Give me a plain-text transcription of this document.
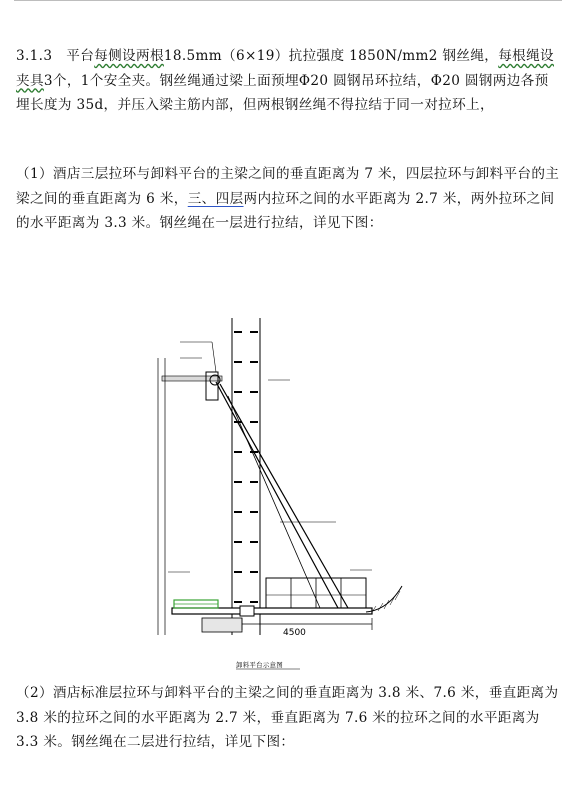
3.1.3　平台每侧设两根18.5mm（6×19）抗拉强度 1850N/mm2 钢丝绳，每根绳设夹具3个，1个安全夹。钢丝绳通过梁上面预埋Φ20 圆钢吊环拉结，Φ20 圆钢两边各预埋长度为 35d，并压入梁主筋内部，但两根钢丝绳不得拉结于同一对拉环上，

（1）酒店三层拉环与卸料平台的主梁之间的垂直距离为 7 米，四层拉环与卸料平台的主梁之间的垂直距离为 6 米，三、四层两内拉环之间的水平距离为 2.7 米，两外拉环之间的水平距离为 3.3 米。钢丝绳在一层进行拉结，详见下图：

4500
卸料平台示意图

（2）酒店标准层拉环与卸料平台的主梁之间的垂直距离为 3.8 米、7.6 米，垂直距离为 3.8 米的拉环之间的水平距离为 2.7 米，垂直距离为 7.6 米的拉环之间的水平距离为 3.3 米。钢丝绳在二层进行拉结，详见下图：
